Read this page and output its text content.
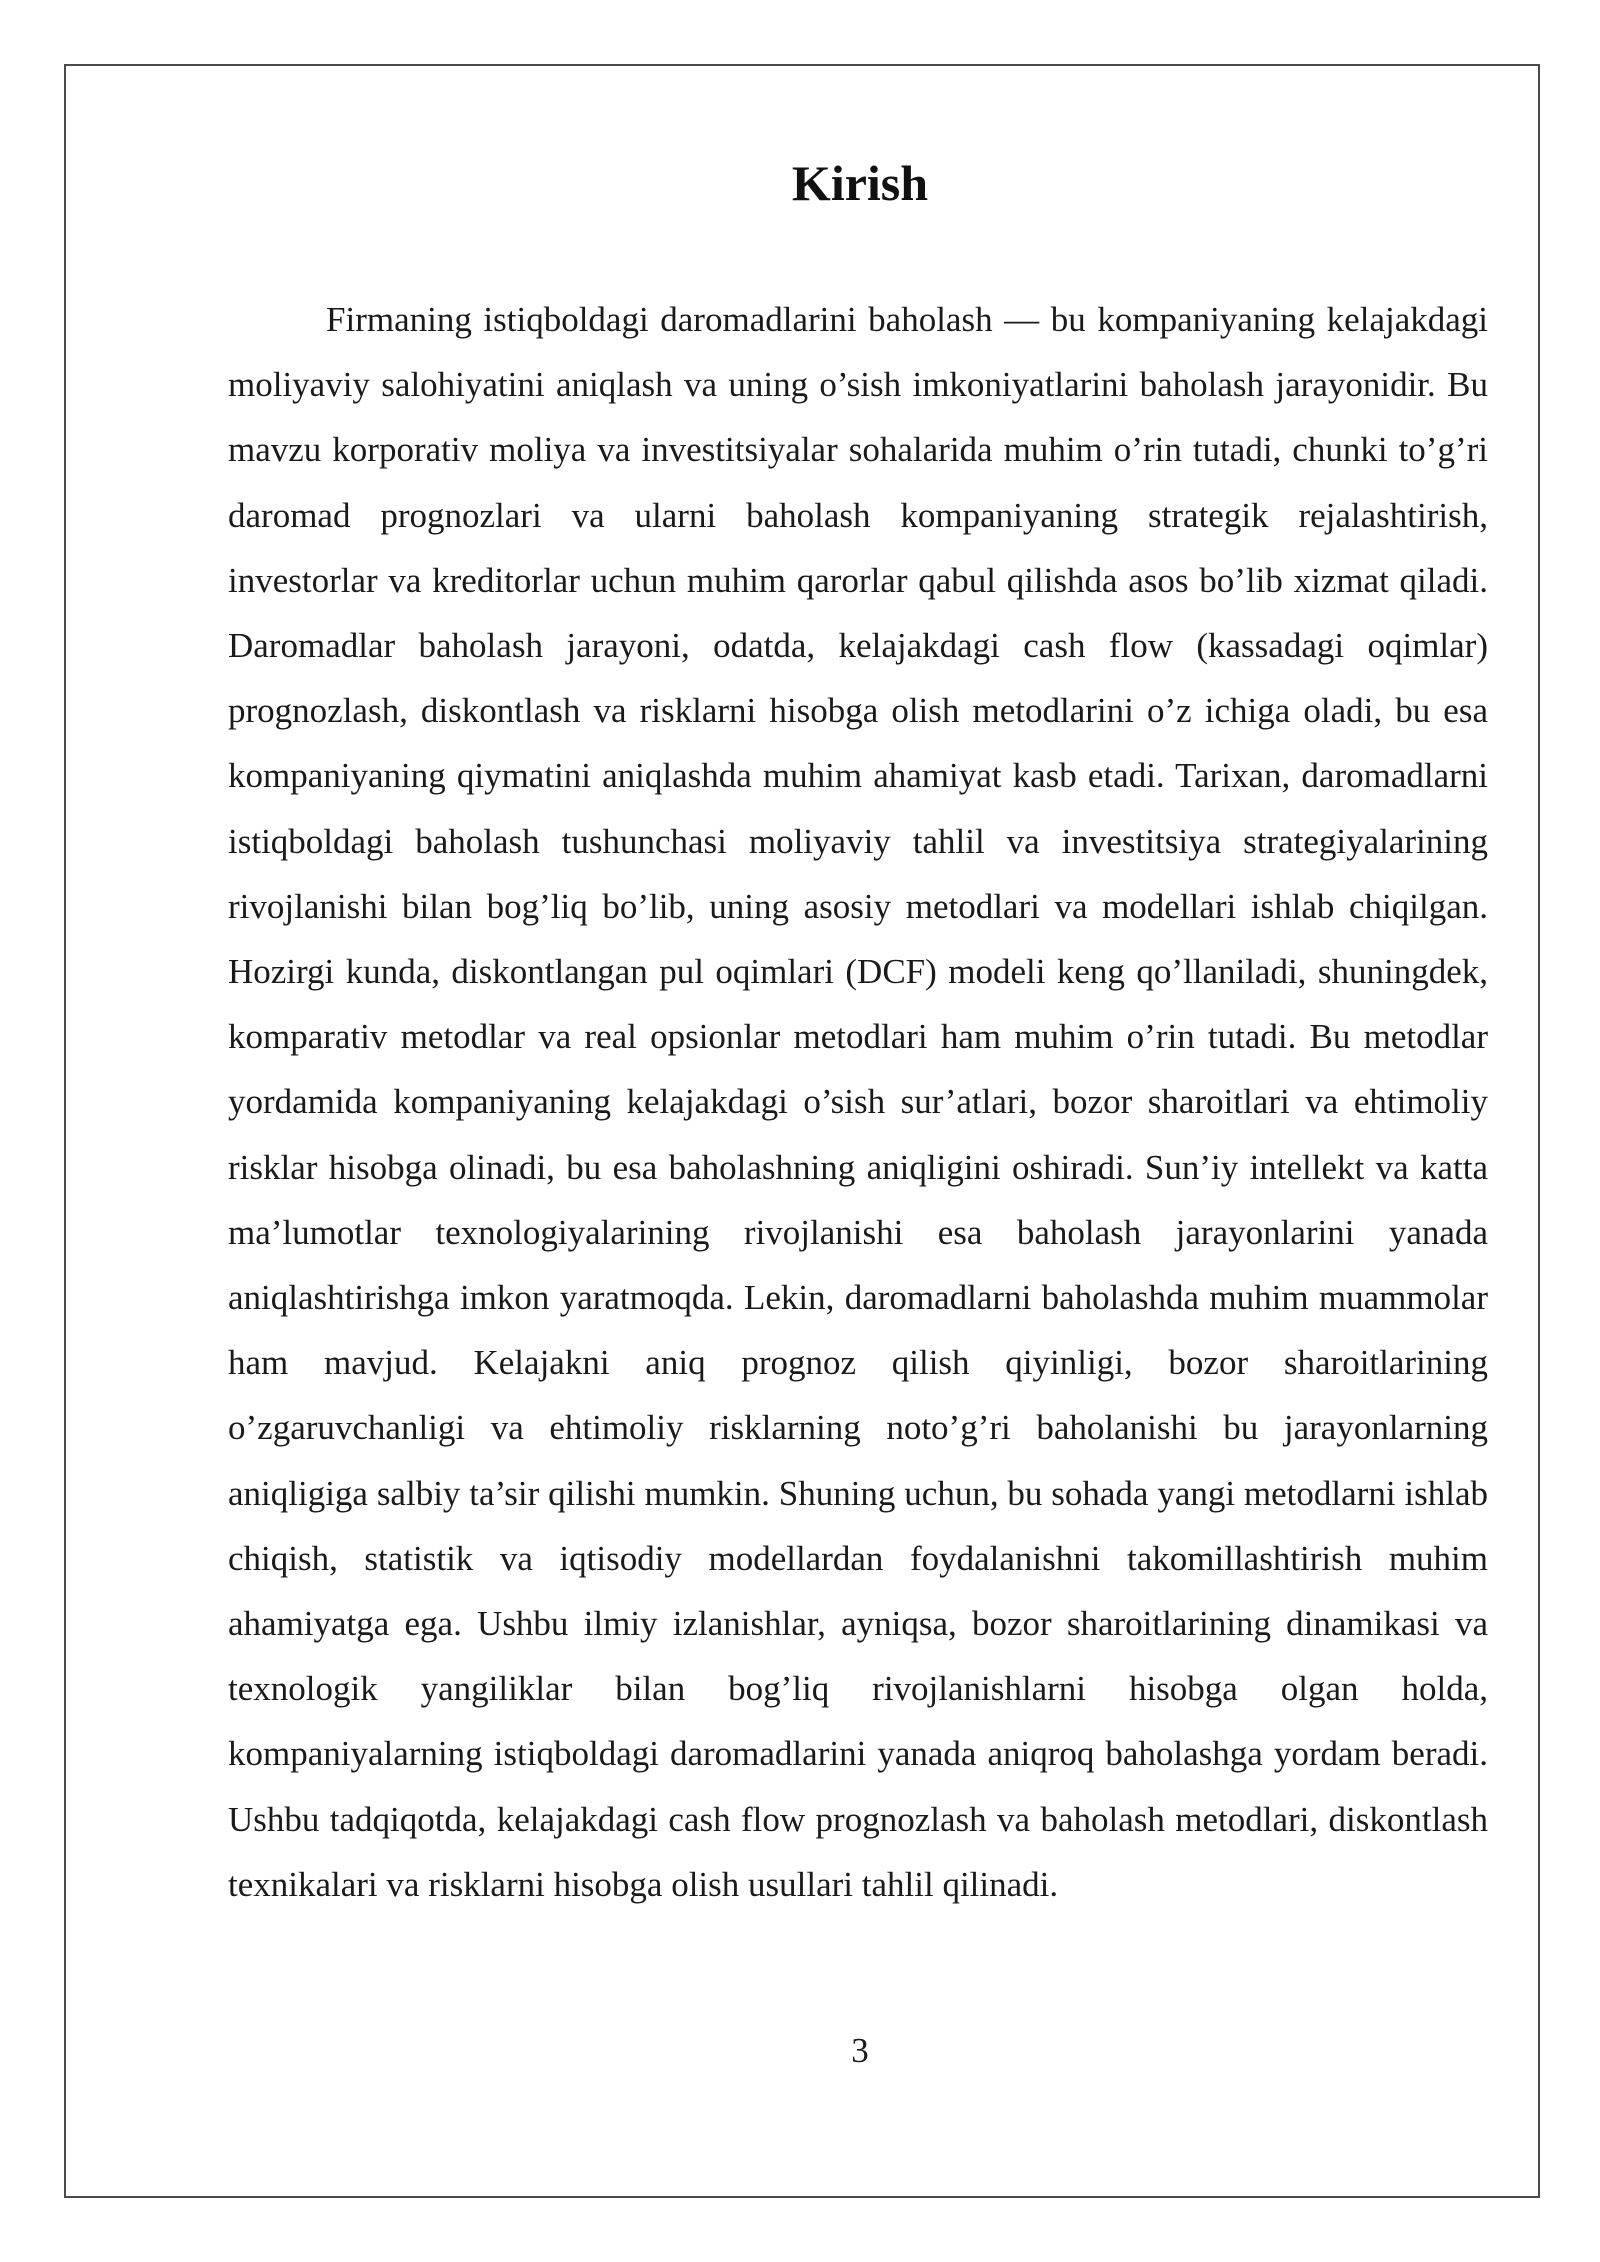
Kirish

Firmaning istiqboldagi daromadlarini baholash — bu kompaniyaning kelajakdagi moliyaviy salohiyatini aniqlash va uning o’sish imkoniyatlarini baholash jarayonidir. Bu mavzu korporativ moliya va investitsiyalar sohalarida muhim o’rin tutadi, chunki to’g’ri daromad prognozlari va ularni baholash kompaniyaning strategik rejalashtirish, investorlar va kreditorlar uchun muhim qarorlar qabul qilishda asos bo’lib xizmat qiladi. Daromadlar baholash jarayoni, odatda, kelajakdagi cash flow (kassadagi oqimlar) prognozlash, diskontlash va risklarni hisobga olish metodlarini o’z ichiga oladi, bu esa kompaniyaning qiymatini aniqlashda muhim ahamiyat kasb etadi. Tarixan, daromadlarni istiqboldagi baholash tushunchasi moliyaviy tahlil va investitsiya strategiyalarining rivojlanishi bilan bog’liq bo’lib, uning asosiy metodlari va modellari ishlab chiqilgan. Hozirgi kunda, diskontlangan pul oqimlari (DCF) modeli keng qo’llaniladi, shuningdek, komparativ metodlar va real opsionlar metodlari ham muhim o’rin tutadi. Bu metodlar yordamida kompaniyaning kelajakdagi o’sish sur’atlari, bozor sharoitlari va ehtimoliy risklar hisobga olinadi, bu esa baholashning aniqligini oshiradi. Sun’iy intellekt va katta ma’lumotlar texnologiyalarining rivojlanishi esa baholash jarayonlarini yanada aniqlashtirishga imkon yaratmoqda. Lekin, daromadlarni baholashda muhim muammolar ham mavjud. Kelajakni aniq prognoz qilish qiyinligi, bozor sharoitlarining o’zgaruvchanligi va ehtimoliy risklarning noto’g’ri baholanishi bu jarayonlarning aniqligiga salbiy ta’sir qilishi mumkin. Shuning uchun, bu sohada yangi metodlarni ishlab chiqish, statistik va iqtisodiy modellardan foydalanishni takomillashtirish muhim ahamiyatga ega. Ushbu ilmiy izlanishlar, ayniqsa, bozor sharoitlarining dinamikasi va texnologik yangiliklar bilan bog’liq rivojlanishlarni hisobga olgan holda, kompaniyalarning istiqboldagi daromadlarini yanada aniqroq baholashga yordam beradi. Ushbu tadqiqotda, kelajakdagi cash flow prognozlash va baholash metodlari, diskontlash texnikalari va risklarni hisobga olish usullari tahlil qilinadi.

3
